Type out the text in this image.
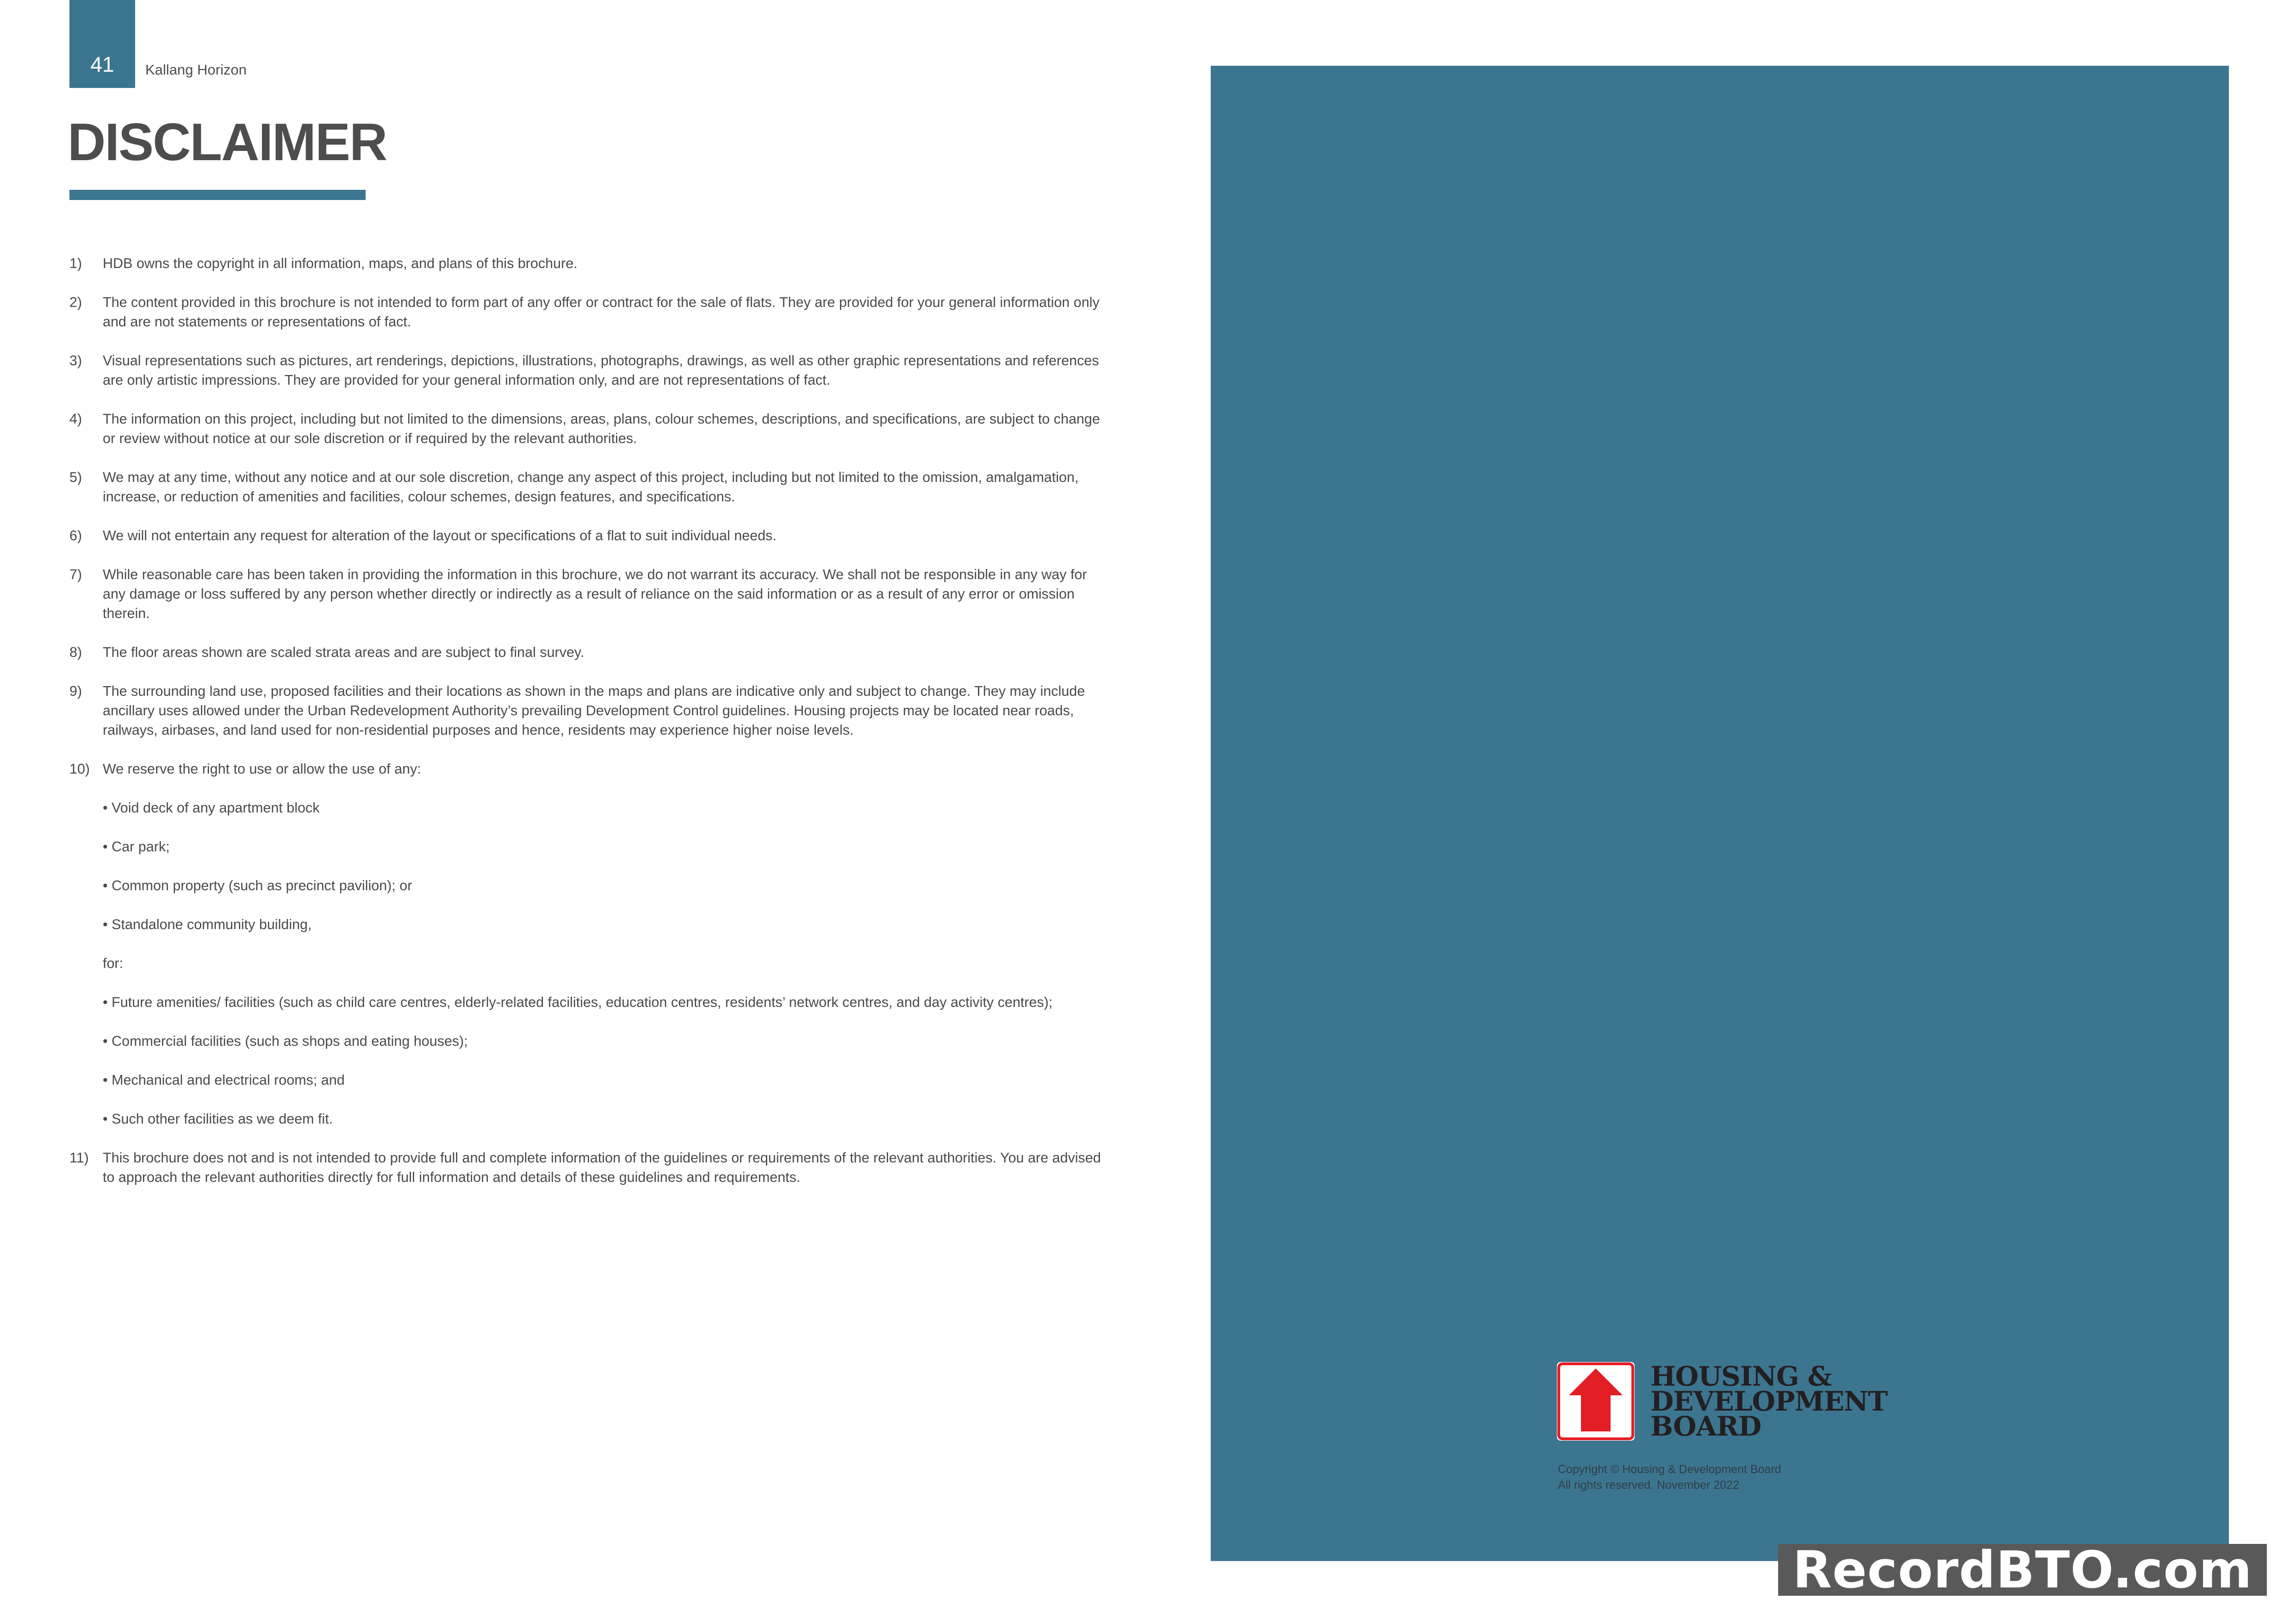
41	Kallang Horizon
DISCLAIMER
1) HDB owns the copyright in all information, maps, and plans of this brochure.
2) The content provided in this brochure is not intended to form part of any offer or contract for the sale of flats. They are provided for your general information only and are not statements or representations of fact.
3) Visual representations such as pictures, art renderings, depictions, illustrations, photographs, drawings, as well as other graphic representations and references are only artistic impressions. They are provided for your general information only, and are not representations of fact.
4) The information on this project, including but not limited to the dimensions, areas, plans, colour schemes, descriptions, and specifications, are subject to change or review without notice at our sole discretion or if required by the relevant authorities.
5) We may at any time, without any notice and at our sole discretion, change any aspect of this project, including but not limited to the omission, amalgamation, increase, or reduction of amenities and facilities, colour schemes, design features, and specifications.
6) We will not entertain any request for alteration of the layout or specifications of a flat to suit individual needs.
7) While reasonable care has been taken in providing the information in this brochure, we do not warrant its accuracy. We shall not be responsible in any way for any damage or loss suffered by any person whether directly or indirectly as a result of reliance on the said information or as a result of any error or omission therein.
8) The floor areas shown are scaled strata areas and are subject to final survey.
9) The surrounding land use, proposed facilities and their locations as shown in the maps and plans are indicative only and subject to change. They may include ancillary uses allowed under the Urban Redevelopment Authority’s prevailing Development Control guidelines. Housing projects may be located near roads, railways, airbases, and land used for non-residential purposes and hence, residents may experience higher noise levels.
10) We reserve the right to use or allow the use of any:
• Void deck of any apartment block
• Car park;
• Common property (such as precinct pavilion); or
• Standalone community building,
for:
• Future amenities/ facilities (such as child care centres, elderly-related facilities, education centres, residents’ network centres, and day activity centres);
• Commercial facilities (such as shops and eating houses);
• Mechanical and electrical rooms; and
• Such other facilities as we deem fit.
11) This brochure does not and is not intended to provide full and complete information of the guidelines or requirements of the relevant authorities. You are advised to approach the relevant authorities directly for full information and details of these guidelines and requirements.
HOUSING &
DEVELOPMENT
BOARD
Copyright © Housing & Development Board
All rights reserved. November 2022
RecordBTO.com
